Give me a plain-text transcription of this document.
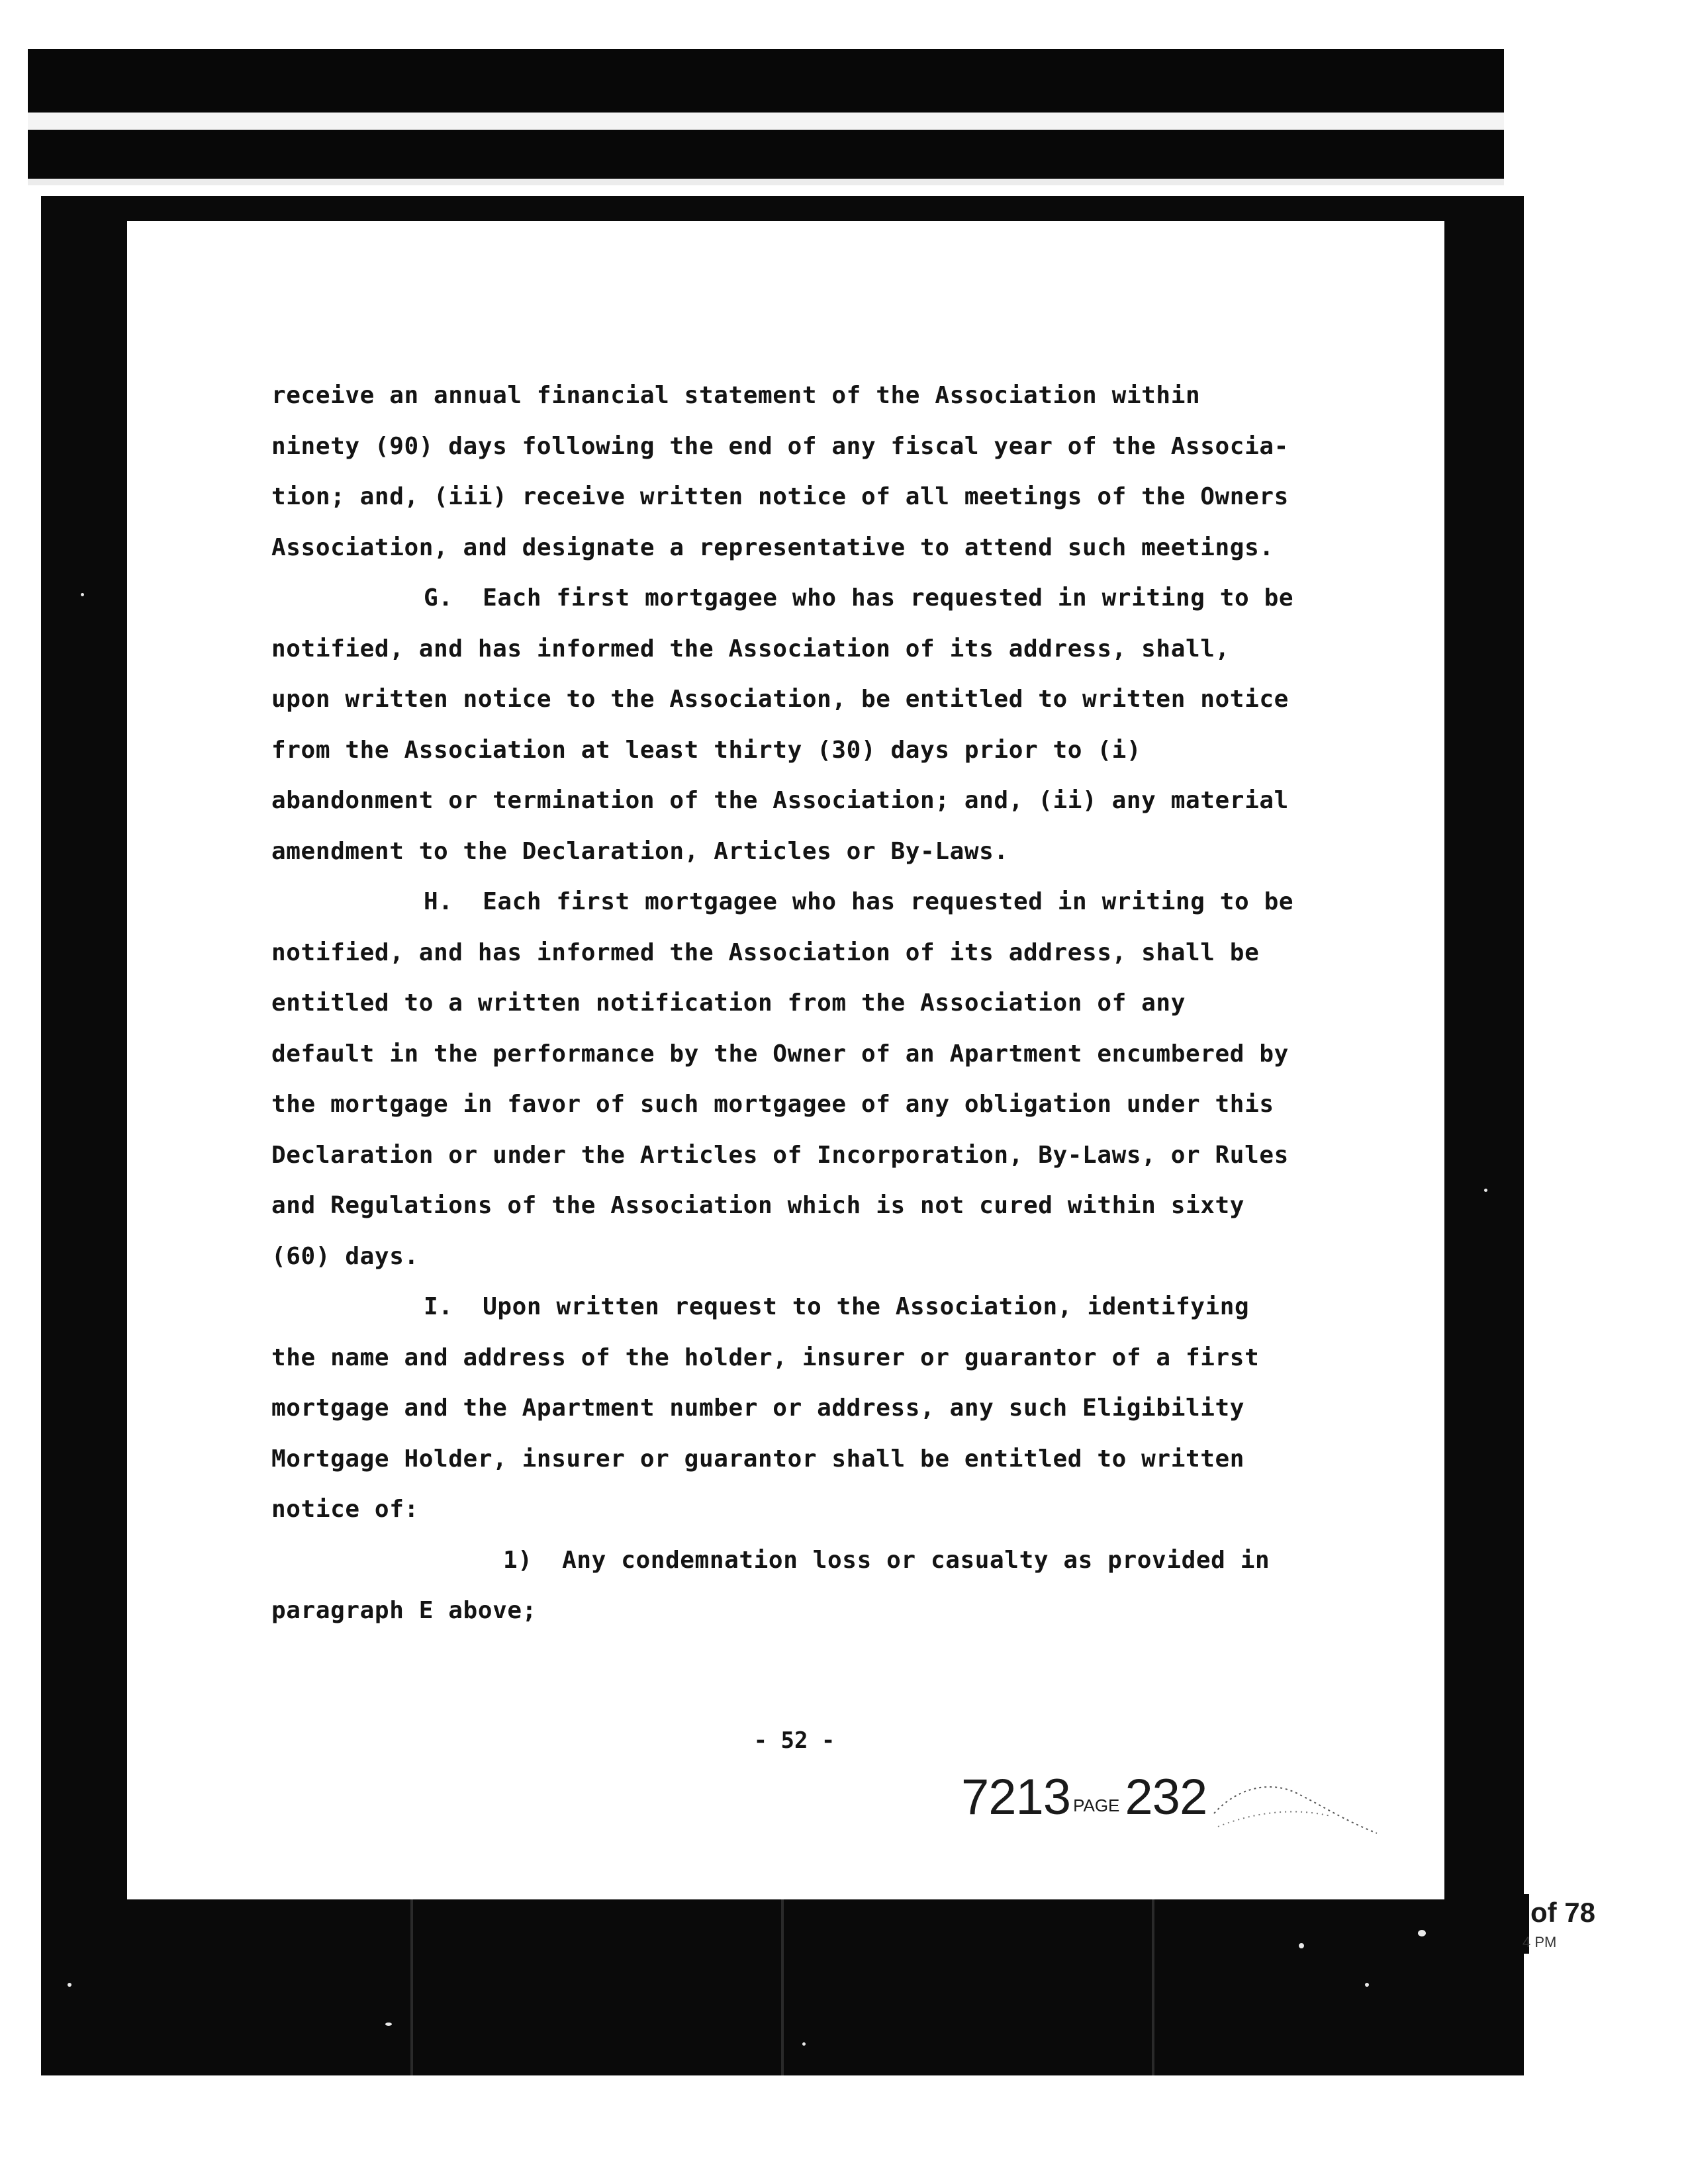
receive an annual financial statement of the Association within
ninety (90) days following the end of any fiscal year of the Associa-
tion; and, (iii) receive written notice of all meetings of the Owners
Association, and designate a representative to attend such meetings.
G.  Each first mortgagee who has requested in writing to be
notified, and has informed the Association of its address, shall,
upon written notice to the Association, be entitled to written notice
from the Association at least thirty (30) days prior to (i)
abandonment or termination of the Association; and, (ii) any material
amendment to the Declaration, Articles or By-Laws.
H.  Each first mortgagee who has requested in writing to be
notified, and has informed the Association of its address, shall be
entitled to a written notification from the Association of any
default in the performance by the Owner of an Apartment encumbered by
the mortgage in favor of such mortgagee of any obligation under this
Declaration or under the Articles of Incorporation, By-Laws, or Rules
and Regulations of the Association which is not cured within sixty
(60) days.
I.  Upon written request to the Association, identifying
the name and address of the holder, insurer or guarantor of a first
mortgage and the Apartment number or address, any such Eligibility
Mortgage Holder, insurer or guarantor shall be entitled to written
notice of:
1)  Any condemnation loss or casualty as provided in
paragraph E above;
- 52 -
7213 PAGE 232
of 78
4 PM
